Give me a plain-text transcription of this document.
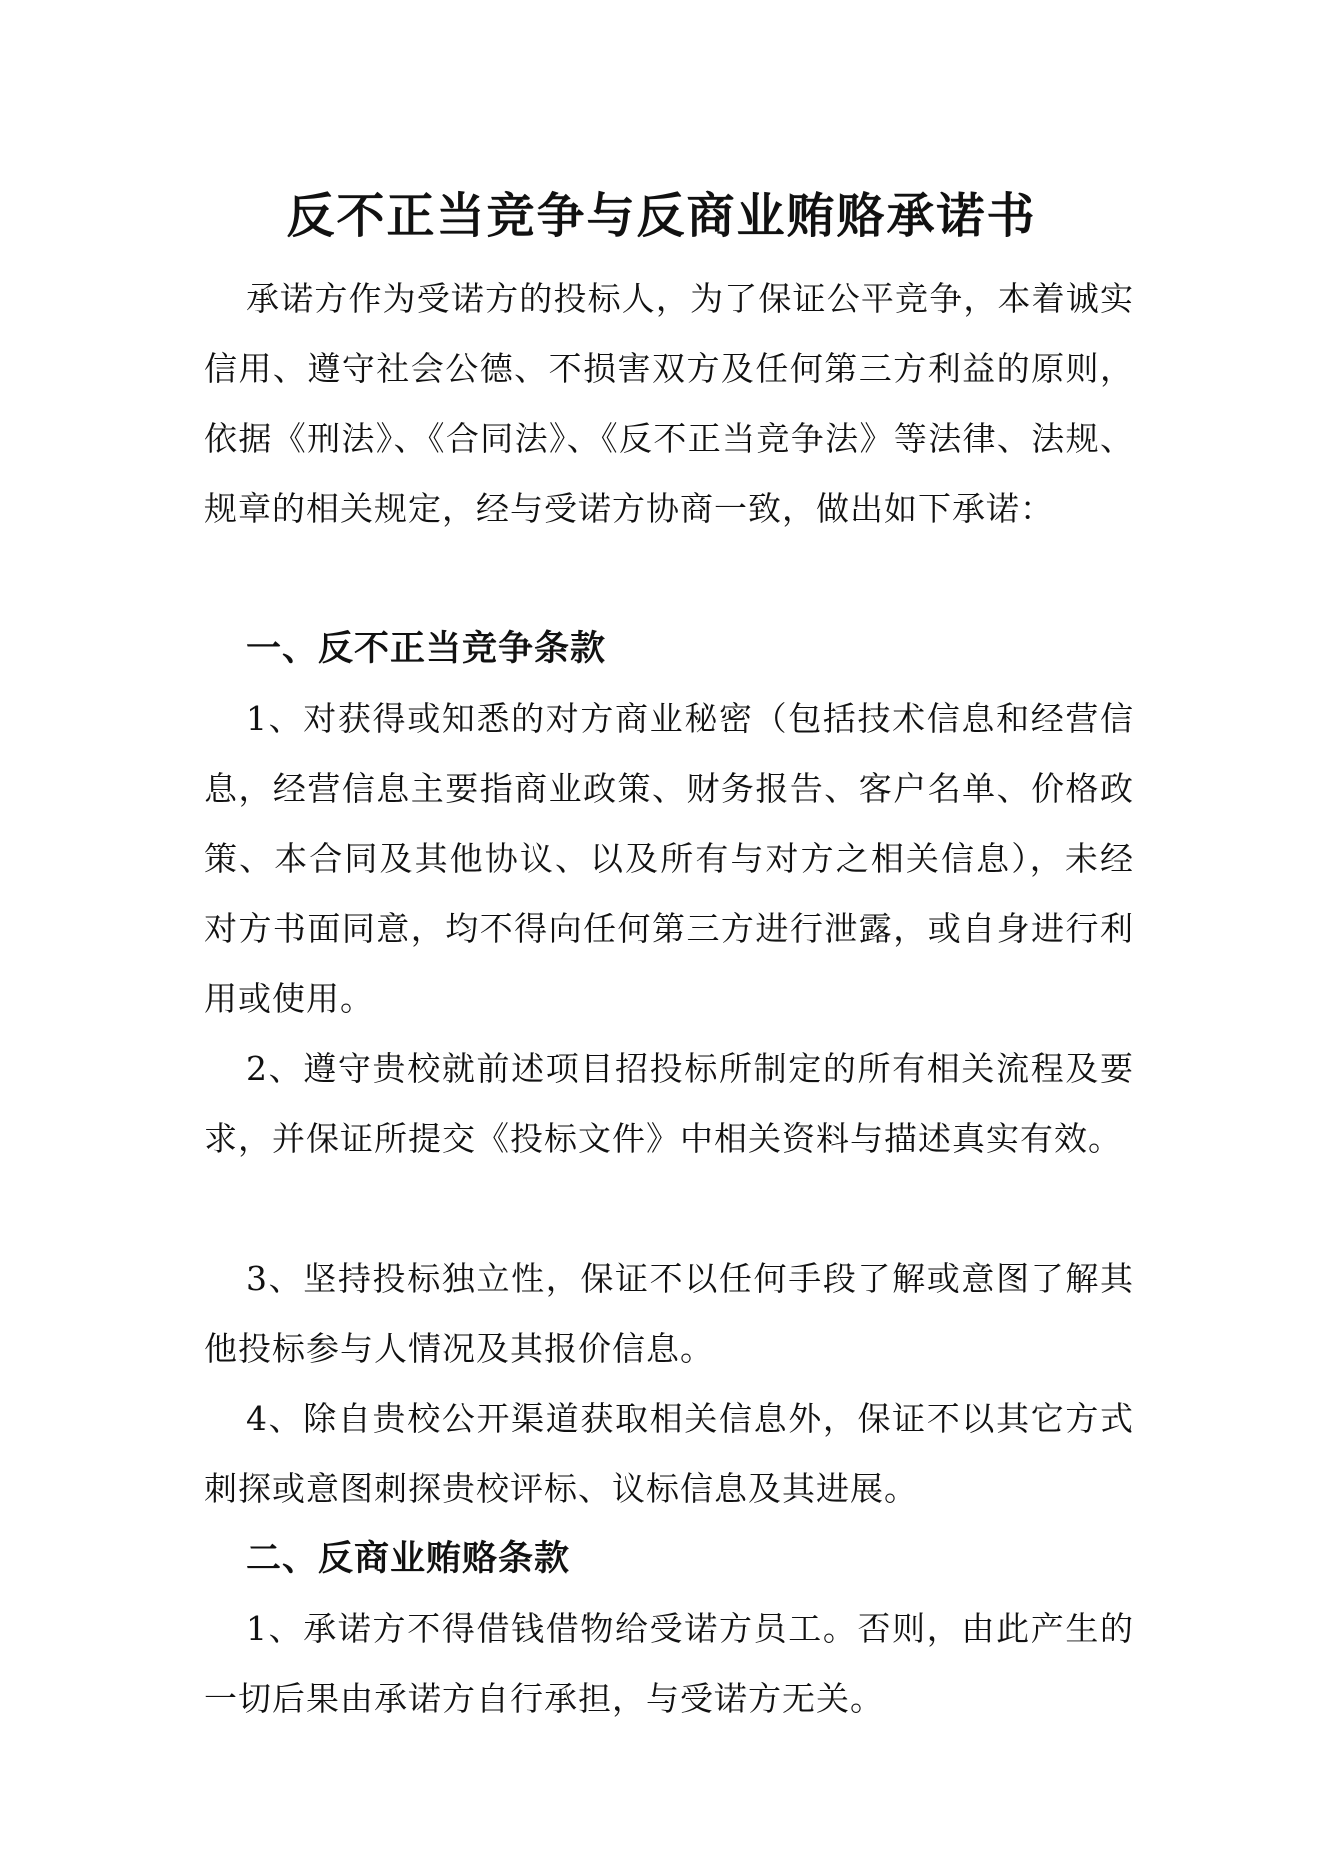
反不正当竞争与反商业贿赂承诺书

承诺方作为受诺方的投标人，为了保证公平竞争，本着诚实信用、遵守社会公德、不损害双方及任何第三方利益的原则，依据《刑法》、《合同法》、《反不正当竞争法》等法律、法规、规章的相关规定，经与受诺方协商一致，做出如下承诺：

一、反不正当竞争条款

1、对获得或知悉的对方商业秘密（包括技术信息和经营信息，经营信息主要指商业政策、财务报告、客户名单、价格政策、本合同及其他协议、以及所有与对方之相关信息），未经对方书面同意，均不得向任何第三方进行泄露，或自身进行利用或使用。

2、遵守贵校就前述项目招投标所制定的所有相关流程及要求，并保证所提交《投标文件》中相关资料与描述真实有效。

3、坚持投标独立性，保证不以任何手段了解或意图了解其他投标参与人情况及其报价信息。

4、除自贵校公开渠道获取相关信息外，保证不以其它方式刺探或意图刺探贵校评标、议标信息及其进展。

二、反商业贿赂条款

1、承诺方不得借钱借物给受诺方员工。否则，由此产生的一切后果由承诺方自行承担，与受诺方无关。
